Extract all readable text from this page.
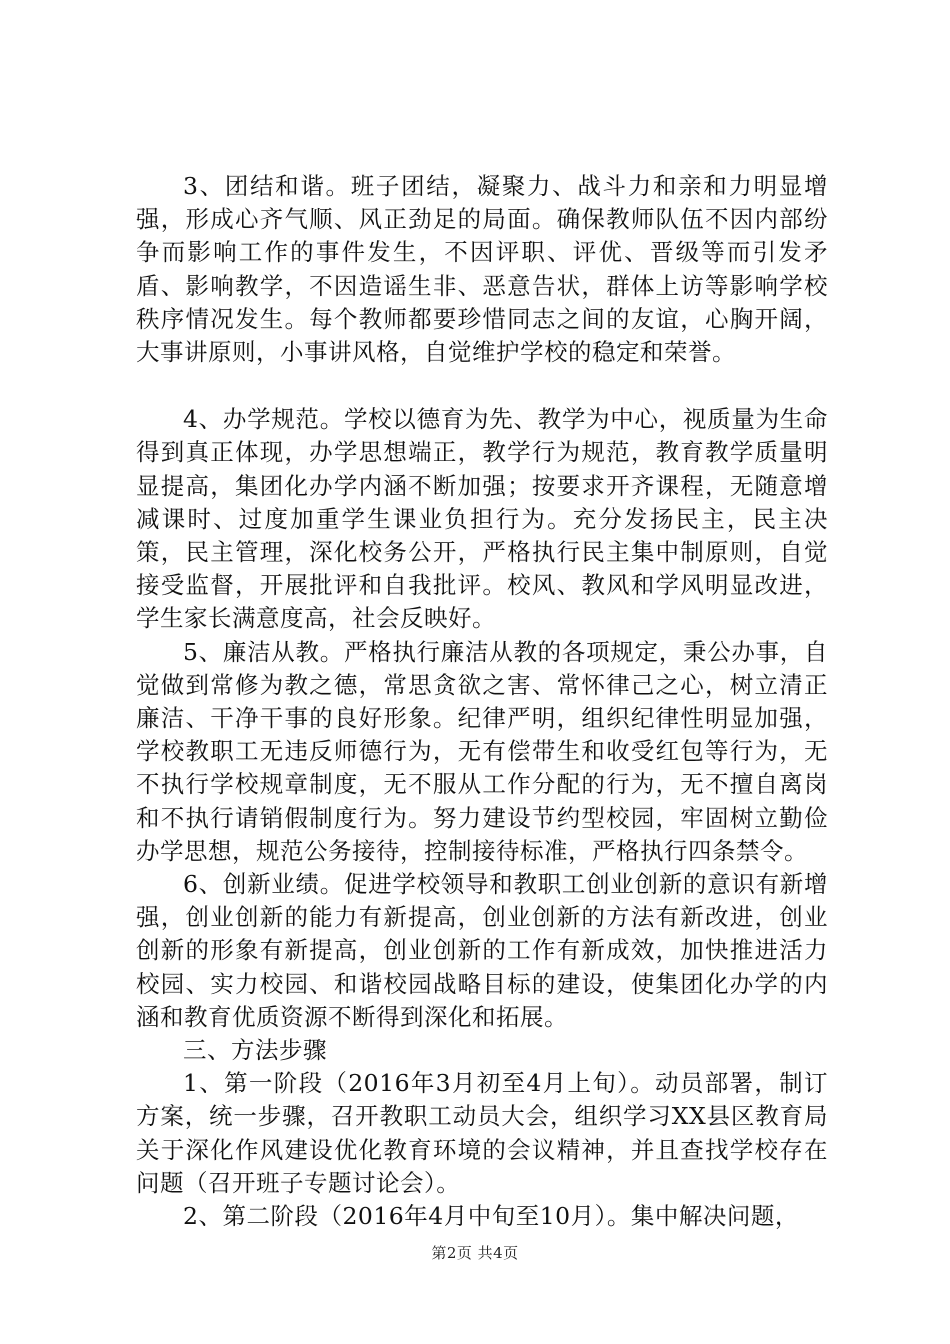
3、团结和谐。班子团结，凝聚力、战斗力和亲和力明显增强，形成心齐气顺、风正劲足的局面。确保教师队伍不因内部纷争而影响工作的事件发生，不因评职、评优、晋级等而引发矛盾、影响教学，不因造谣生非、恶意告状，群体上访等影响学校秩序情况发生。每个教师都要珍惜同志之间的友谊，心胸开阔，大事讲原则，小事讲风格，自觉维护学校的稳定和荣誉。

4、办学规范。学校以德育为先、教学为中心，视质量为生命得到真正体现，办学思想端正，教学行为规范，教育教学质量明显提高，集团化办学内涵不断加强；按要求开齐课程，无随意增减课时、过度加重学生课业负担行为。充分发扬民主，民主决策，民主管理，深化校务公开，严格执行民主集中制原则，自觉接受监督，开展批评和自我批评。校风、教风和学风明显改进，学生家长满意度高，社会反映好。

5、廉洁从教。严格执行廉洁从教的各项规定，秉公办事，自觉做到常修为教之德，常思贪欲之害、常怀律己之心，树立清正廉洁、干净干事的良好形象。纪律严明，组织纪律性明显加强，学校教职工无违反师德行为，无有偿带生和收受红包等行为，无不执行学校规章制度，无不服从工作分配的行为，无不擅自离岗和不执行请销假制度行为。努力建设节约型校园，牢固树立勤俭办学思想，规范公务接待，控制接待标准，严格执行四条禁令。

6、创新业绩。促进学校领导和教职工创业创新的意识有新增强，创业创新的能力有新提高，创业创新的方法有新改进，创业创新的形象有新提高，创业创新的工作有新成效，加快推进活力校园、实力校园、和谐校园战略目标的建设，使集团化办学的内涵和教育优质资源不断得到深化和拓展。

三、方法步骤

1、第一阶段（2016年3月初至4月上旬）。动员部署，制订方案，统一步骤，召开教职工动员大会，组织学习XX县区教育局关于深化作风建设优化教育环境的会议精神，并且查找学校存在问题（召开班子专题讨论会）。

2、第二阶段（2016年4月中旬至10月）。集中解决问题，

第2页 共4页
